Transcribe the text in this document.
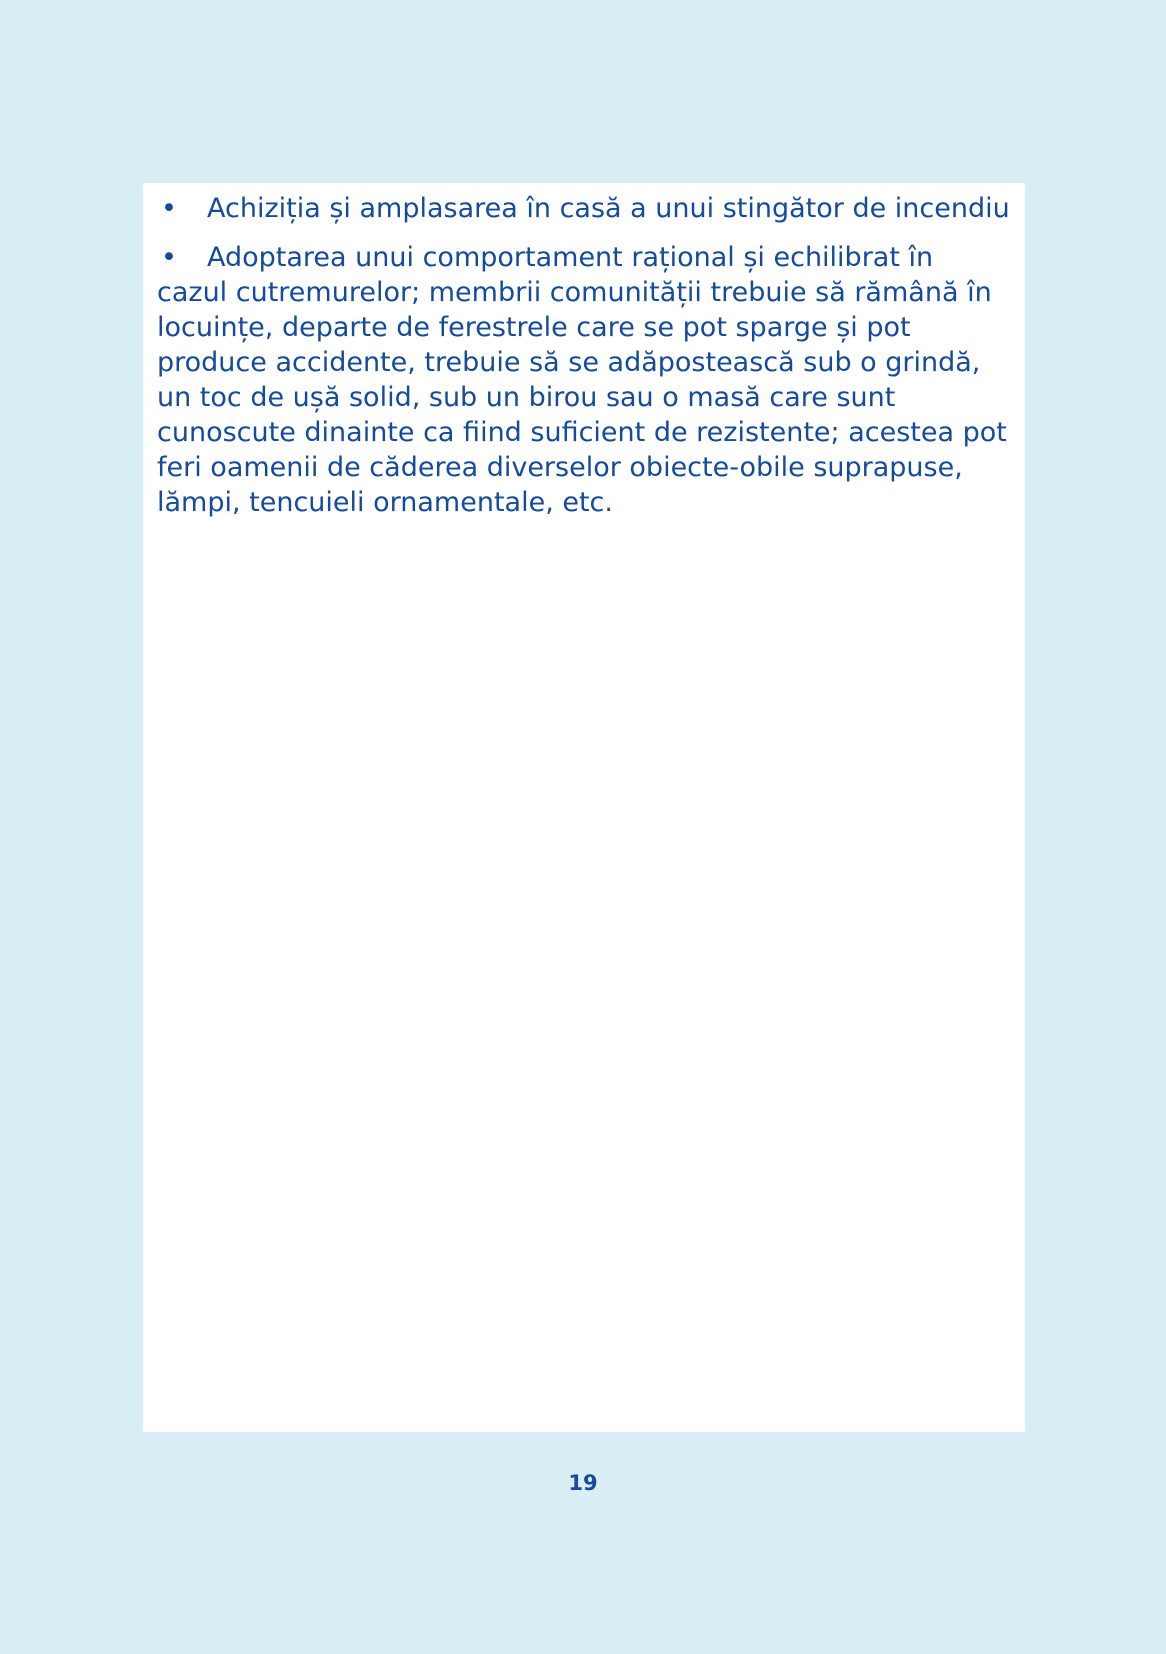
• Achiziția și amplasarea în casă a unui stingător de incendiu

• Adoptarea unui comportament rațional și echilibrat în cazul cutremurelor; membrii comunității trebuie să rămână în locuințe, departe de ferestrele care se pot sparge și pot produce accidente, trebuie să se adăpostească sub o grindă, un toc de ușă solid, sub un birou sau o masă care sunt cunoscute dinainte ca fiind suficient de rezistente; acestea pot feri oamenii de căderea diverselor obiecte-obile suprapuse, lămpi, tencuieli ornamentale, etc.

19
